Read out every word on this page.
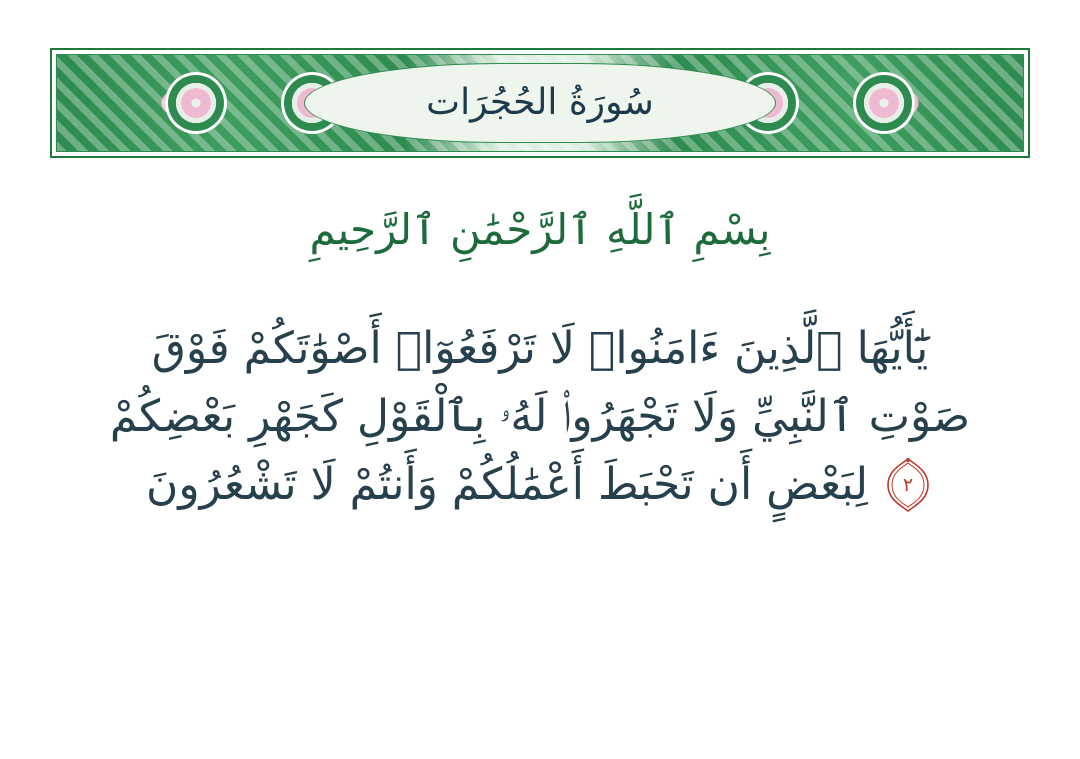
سُورَةُ الحُجُرَات
بِسْمِ ٱللَّهِ ٱلرَّحْمَٰنِ ٱلرَّحِيمِ
يَٰٓأَيُّهَا ٱلَّذِينَ ءَامَنُوا۟ لَا تَرْفَعُوٓا۟ أَصْوَٰتَكُمْ فَوْقَ
صَوْتِ ٱلنَّبِيِّ وَلَا تَجْهَرُوا۟ لَهُۥ بِٱلْقَوْلِ كَجَهْرِ بَعْضِكُمْ
٢
لِبَعْضٍ أَن تَحْبَطَ أَعْمَٰلُكُمْ وَأَنتُمْ لَا تَشْعُرُونَ
